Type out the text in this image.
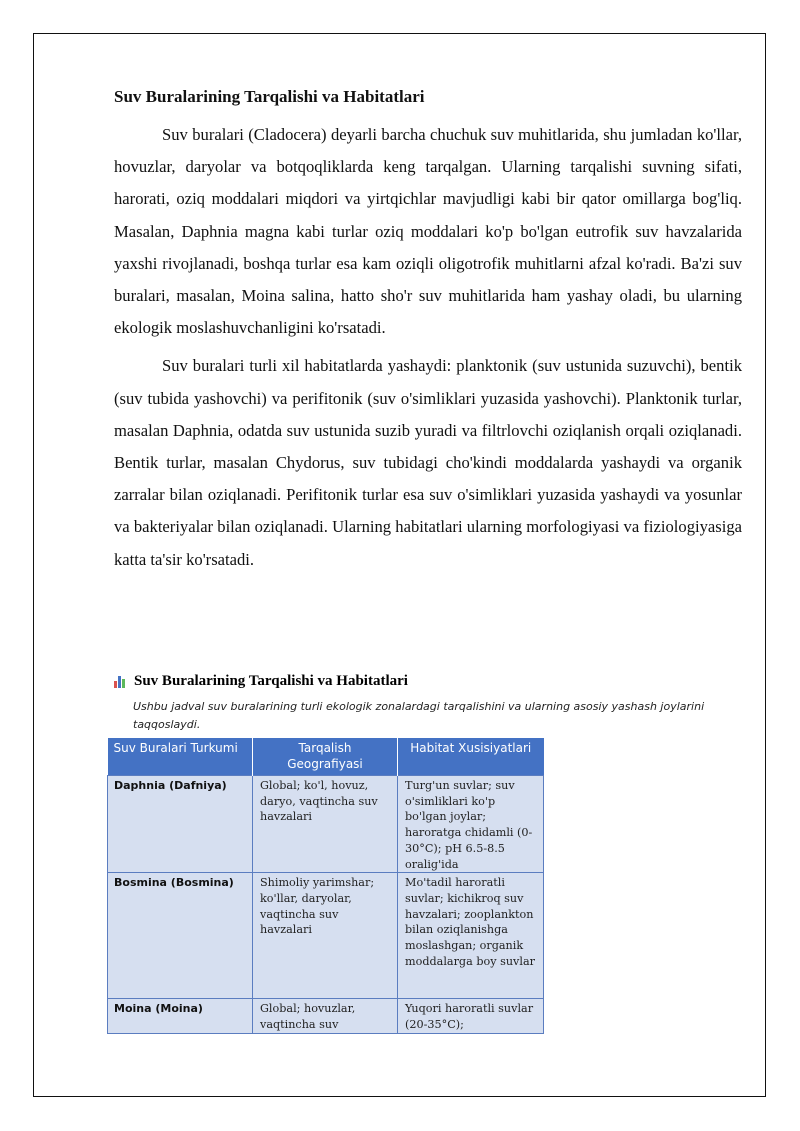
Suv Buralarining Tarqalishi va Habitatlari

Suv buralari (Cladocera) deyarli barcha chuchuk suv muhitlarida, shu jumladan ko'llar, hovuzlar, daryolar va botqoqliklarda keng tarqalgan. Ularning tarqalishi suvning sifati, harorati, oziq moddalari miqdori va yirtqichlar mavjudligi kabi bir qator omillarga bog'liq. Masalan, Daphnia magna kabi turlar oziq moddalari ko'p bo'lgan eutrofik suv havzalarida yaxshi rivojlanadi, boshqa turlar esa kam oziqli oligotrofik muhitlarni afzal ko'radi. Ba'zi suv buralari, masalan, Moina salina, hatto sho'r suv muhitlarida ham yashay oladi, bu ularning ekologik moslashuvchanligini ko'rsatadi.

Suv buralari turli xil habitatlarda yashaydi: planktonik (suv ustunida suzuvchi), bentik (suv tubida yashovchi) va perifitonik (suv o'simliklari yuzasida yashovchi). Planktonik turlar, masalan Daphnia, odatda suv ustunida suzib yuradi va filtrlovchi oziqlanish orqali oziqlanadi. Bentik turlar, masalan Chydorus, suv tubidagi cho'kindi moddalarda yashaydi va organik zarralar bilan oziqlanadi. Perifitonik turlar esa suv o'simliklari yuzasida yashaydi va yosunlar va bakteriyalar bilan oziqlanadi. Ularning habitatlari ularning morfologiyasi va fiziologiyasiga katta ta'sir ko'rsatadi.

Suv Buralarining Tarqalishi va Habitatlari
Ushbu jadval suv buralarining turli ekologik zonalardagi tarqalishini va ularning asosiy yashash joylarini taqqoslaydi.
Suv Buralari Turkumi	Tarqalish Geografiyasi	Habitat Xusisiyatlari
Daphnia (Dafniya)	Global; ko'l, hovuz, daryo, vaqtincha suv havzalari	Turg'un suvlar; suv o'simliklari ko'p bo'lgan joylar; haroratga chidamli (0-30°C); pH 6.5-8.5 oralig'ida
Bosmina (Bosmina)	Shimoliy yarimshar; ko'llar, daryolar, vaqtincha suv havzalari	Mo'tadil haroratli suvlar; kichikroq suv havzalari; zooplankton bilan oziqlanishga moslashgan; organik moddalarga boy suvlar
Moina (Moina)	Global; hovuzlar, vaqtincha suv	Yuqori haroratli suvlar (20-35°C);
